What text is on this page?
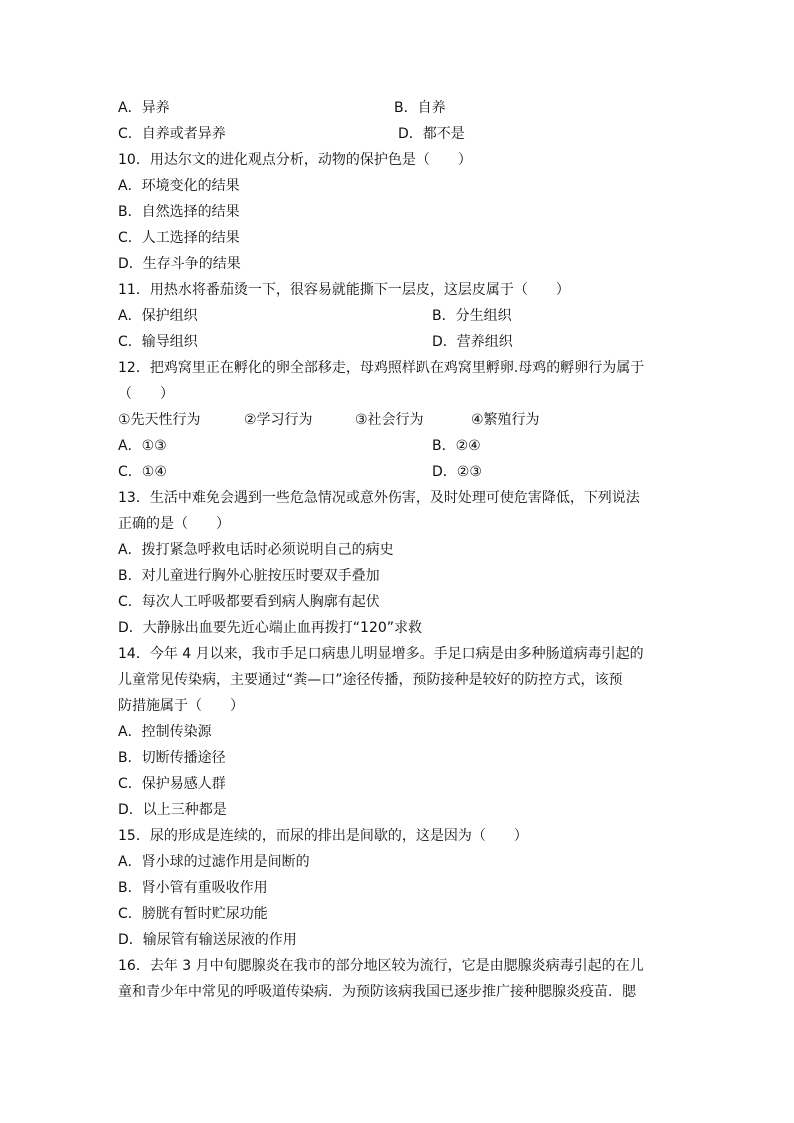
A．异养	B．自养
C．自养或者异养	D．都不是
10．用达尔文的进化观点分析，动物的保护色是（　　）
A．环境变化的结果
B．自然选择的结果
C．人工选择的结果
D．生存斗争的结果
11．用热水将番茄烫一下，很容易就能撕下一层皮，这层皮属于（　　）
A．保护组织	B．分生组织
C．输导组织	D．营养组织
12．把鸡窝里正在孵化的卵全部移走，母鸡照样趴在鸡窝里孵卵.母鸡的孵卵行为属于
（　　）
①先天性行为	②学习行为	③社会行为	④繁殖行为
A．①③	B．②④
C．①④	D．②③
13．生活中难免会遇到一些危急情况或意外伤害，及时处理可使危害降低，下列说法
正确的是（　　）
A．拨打紧急呼救电话时必须说明自己的病史
B．对儿童进行胸外心脏按压时要双手叠加
C．每次人工呼吸都要看到病人胸廓有起伏
D．大静脉出血要先近心端止血再拨打“120”求救
14．今年 4 月以来，我市手足口病患儿明显增多。手足口病是由多种肠道病毒引起的
儿童常见传染病，主要通过“粪—口”途径传播，预防接种是较好的防控方式，该预
防措施属于（　　）
A．控制传染源
B．切断传播途径
C．保护易感人群
D．以上三种都是
15．尿的形成是连续的，而尿的排出是间歇的，这是因为（　　）
A．肾小球的过滤作用是间断的
B．肾小管有重吸收作用
C．膀胱有暂时贮尿功能
D．输尿管有输送尿液的作用
16．去年 3 月中旬腮腺炎在我市的部分地区较为流行，它是由腮腺炎病毒引起的在儿
童和青少年中常见的呼吸道传染病．为预防该病我国已逐步推广接种腮腺炎疫苗．腮
